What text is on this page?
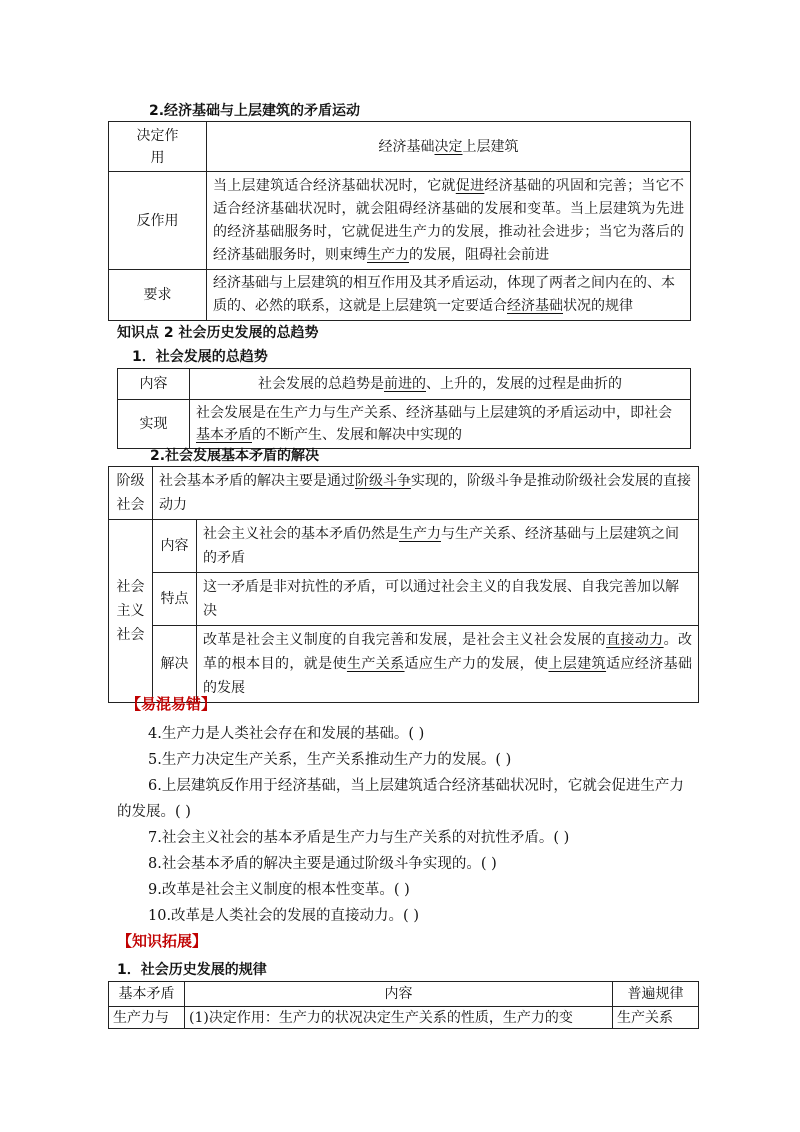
2.经济基础与上层建筑的矛盾运动
决定作用	经济基础决定上层建筑
反作用	当上层建筑适合经济基础状况时，它就促进经济基础的巩固和完善；当它不适合经济基础状况时，就会阻碍经济基础的发展和变革。当上层建筑为先进的经济基础服务时，它就促进生产力的发展，推动社会进步；当它为落后的经济基础服务时，则束缚生产力的发展，阻碍社会前进
要求	经济基础与上层建筑的相互作用及其矛盾运动，体现了两者之间内在的、本质的、必然的联系，这就是上层建筑一定要适合经济基础状况的规律
知识点 2 社会历史发展的总趋势
1．社会发展的总趋势
内容	社会发展的总趋势是前进的、上升的，发展的过程是曲折的
实现	社会发展是在生产力与生产关系、经济基础与上层建筑的矛盾运动中，即社会基本矛盾的不断产生、发展和解决中实现的
2.社会发展基本矛盾的解决
阶级社会	社会基本矛盾的解决主要是通过阶级斗争实现的，阶级斗争是推动阶级社会发展的直接动力	
社会主义社会	内容	社会主义社会的基本矛盾仍然是生产力与生产关系、经济基础与上层建筑之间的矛盾
	特点	这一矛盾是非对抗性的矛盾，可以通过社会主义的自我发展、自我完善加以解决
	解决	改革是社会主义制度的自我完善和发展，是社会主义社会发展的直接动力。改革的根本目的，就是使生产关系适应生产力的发展，使上层建筑适应经济基础的发展
【易混易错】
4.生产力是人类社会存在和发展的基础。( )
5.生产力决定生产关系，生产关系推动生产力的发展。( )
6.上层建筑反作用于经济基础，当上层建筑适合经济基础状况时，它就会促进生产力
的发展。( )
7.社会主义社会的基本矛盾是生产力与生产关系的对抗性矛盾。( )
8.社会基本矛盾的解决主要是通过阶级斗争实现的。( )
9.改革是社会主义制度的根本性变革。( )
10.改革是人类社会的发展的直接动力。( )
【知识拓展】
1．社会历史发展的规律
基本矛盾	内容	普遍规律
生产力与	(1)决定作用：生产力的状况决定生产关系的性质，生产力的变	生产关系
